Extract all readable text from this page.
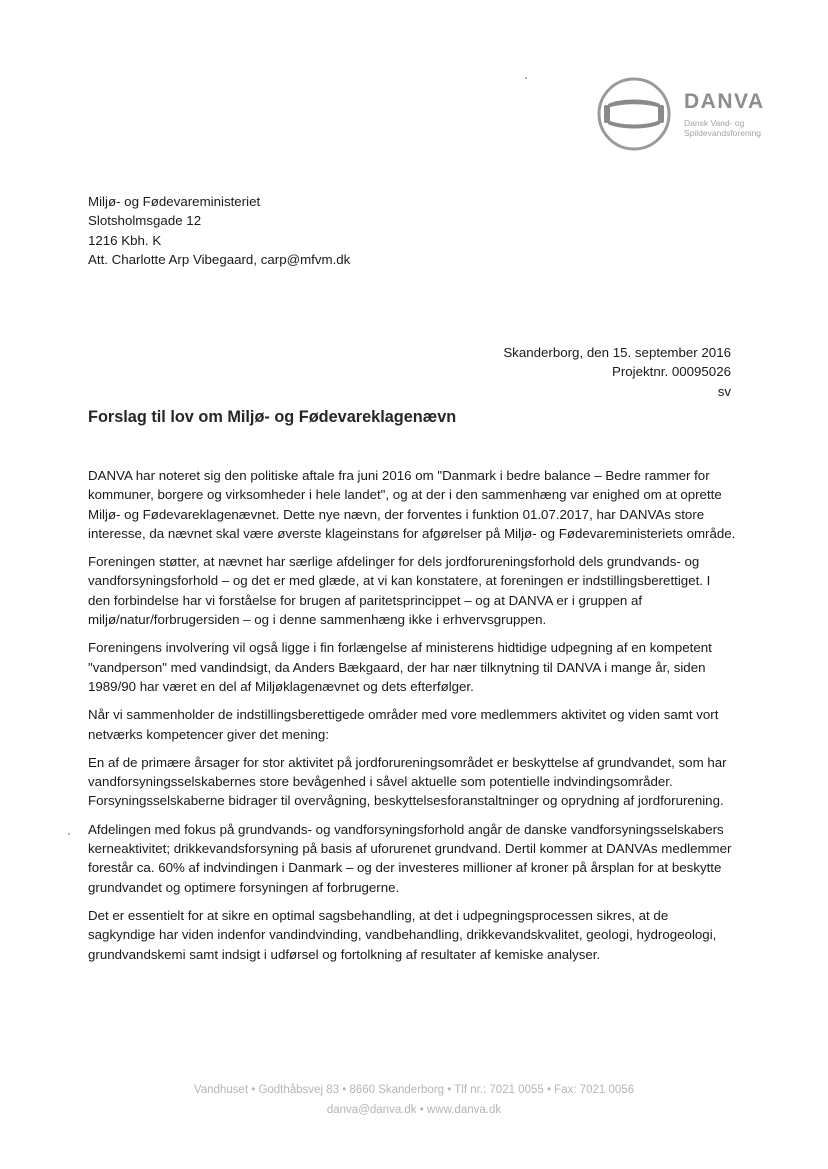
DANVA
Dansk Vand- og
Spildevandsforening
Miljø- og Fødevareministeriet
Slotsholmsgade 12
1216 Kbh. K
Att. Charlotte Arp Vibegaard, carp@mfvm.dk
Skanderborg, den 15. september 2016
Projektnr. 00095026
sv
Forslag til lov om Miljø- og Fødevareklagenævn

DANVA har noteret sig den politiske aftale fra juni 2016 om "Danmark i bedre balance – Bedre rammer for kommuner, borgere og virksomheder i hele landet", og at der i den sammenhæng var enighed om at oprette Miljø- og Fødevareklagenævnet. Dette nye nævn, der forventes i funktion 01.07.2017, har DANVAs store interesse, da nævnet skal være øverste klageinstans for afgørelser på Miljø- og Fødevareministeriets område.

Foreningen støtter, at nævnet har særlige afdelinger for dels jordforureningsforhold dels grundvands- og vandforsyningsforhold – og det er med glæde, at vi kan konstatere, at foreningen er indstillingsberettiget. I den forbindelse har vi forståelse for brugen af paritetsprincippet – og at DANVA er i gruppen af miljø/natur/forbrugersiden – og i denne sammenhæng ikke i erhvervsgruppen.

Foreningens involvering vil også ligge i fin forlængelse af ministerens hidtidige udpegning af en kompetent "vandperson" med vandindsigt, da Anders Bækgaard, der har nær tilknytning til DANVA i mange år, siden 1989/90 har været en del af Miljøklagenævnet og dets efterfølger.

Når vi sammenholder de indstillingsberettigede områder med vore medlemmers aktivitet og viden samt vort netværks kompetencer giver det mening:

En af de primære årsager for stor aktivitet på jordforureningsområdet er beskyttelse af grundvandet, som har vandforsyningsselskabernes store bevågenhed i såvel aktuelle som potentielle indvindingsområder. Forsyningsselskaberne bidrager til overvågning, beskyttelsesforanstaltninger og oprydning af jordforurening.

Afdelingen med fokus på grundvands- og vandforsyningsforhold angår de danske vandforsyningsselskabers kerneaktivitet; drikkevandsforsyning på basis af uforurenet grundvand. Dertil kommer at DANVAs medlemmer forestår ca. 60% af indvindingen i Danmark – og der investeres millioner af kroner på årsplan for at beskytte grundvandet og optimere forsyningen af forbrugerne.

Det er essentielt for at sikre en optimal sagsbehandling, at det i udpegningsprocessen sikres, at de sagkyndige har viden indenfor vandindvinding, vandbehandling, drikkevandskvalitet, geologi, hydrogeologi, grundvandskemi samt indsigt i udførsel og fortolkning af resultater af kemiske analyser.

Vandhuset • Godthåbsvej 83 • 8660 Skanderborg • Tlf nr.: 7021 0055 • Fax: 7021 0056
danva@danva.dk • www.danva.dk
